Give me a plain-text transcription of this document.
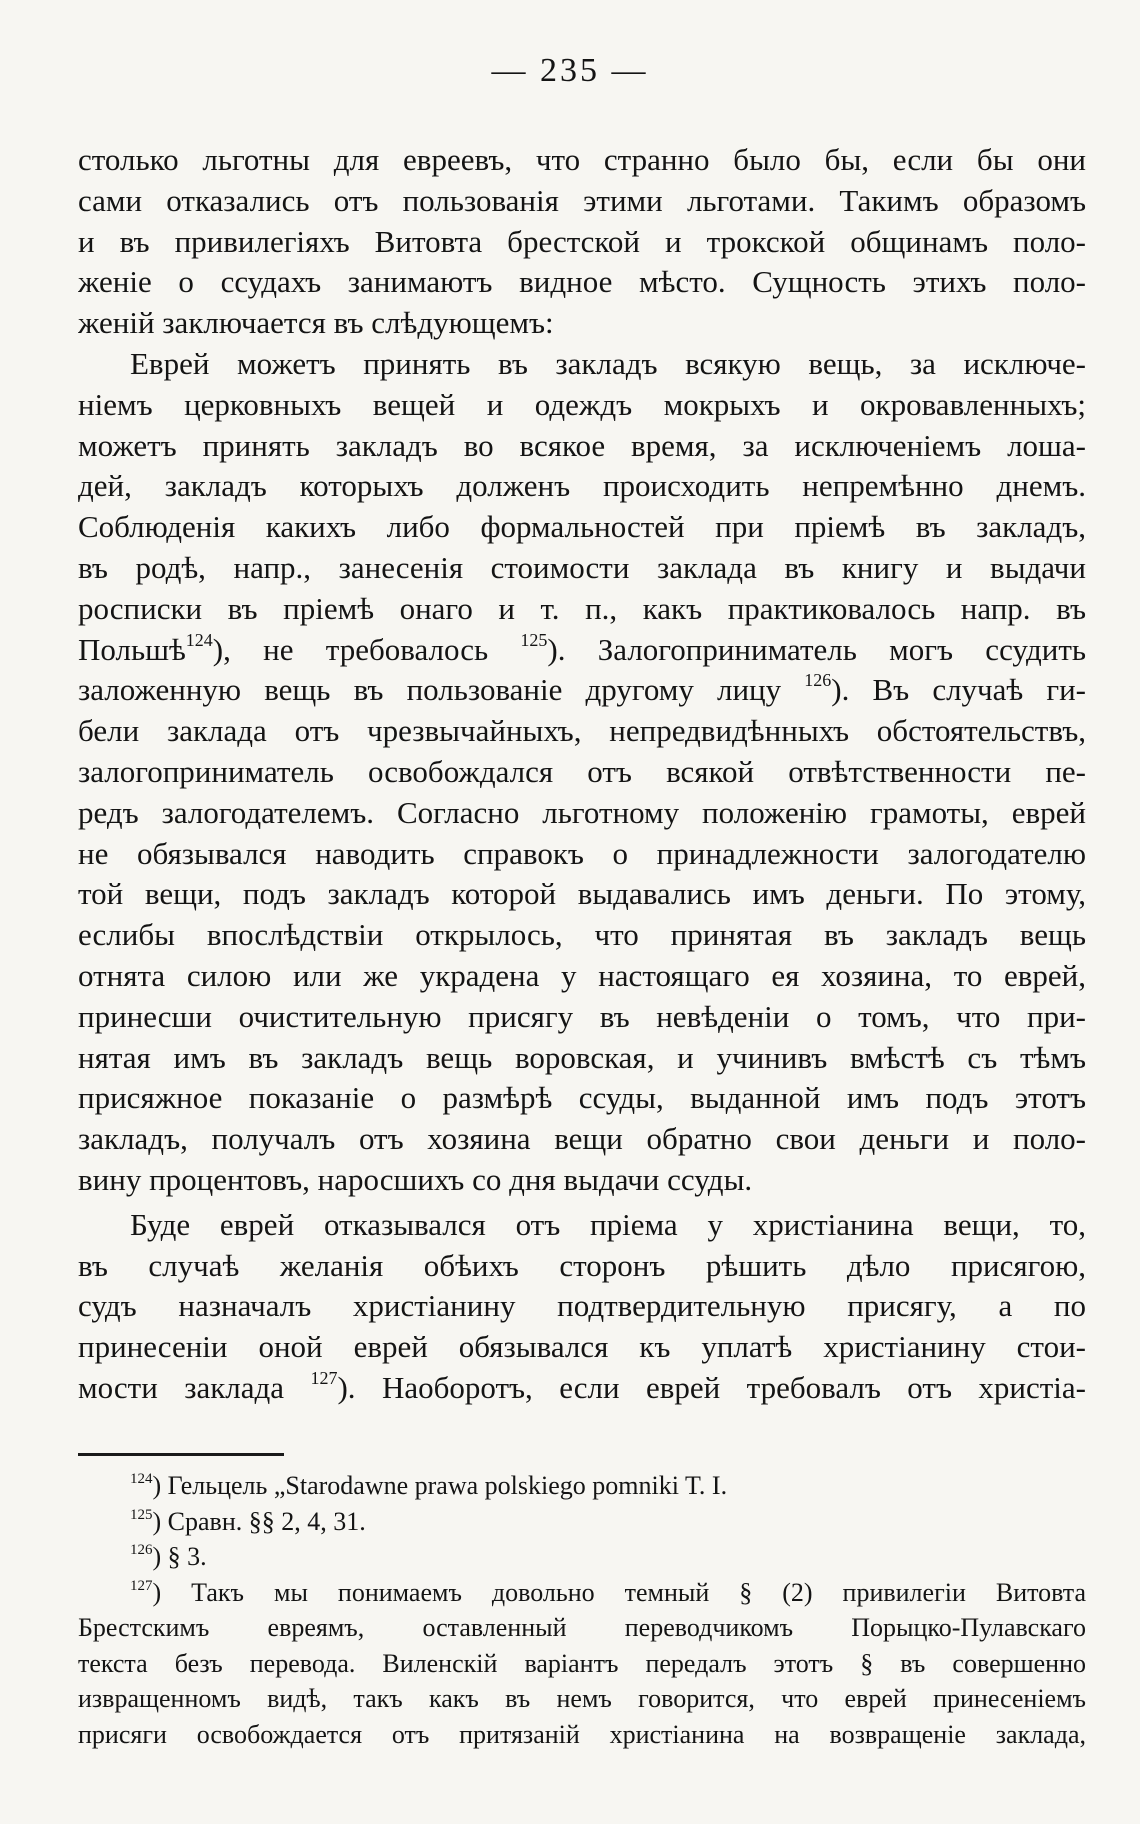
— 235 —
столько льготны для евреевъ, что странно было бы, если бы они
сами отказались отъ пользованія этими льготами. Такимъ образомъ
и въ привилегіяхъ Витовта брестской и трокской общинамъ поло-
женіе о ссудахъ занимаютъ видное мѣсто. Сущность этихъ поло-
женій заключается въ слѣдующемъ:
Еврей можетъ принять въ закладъ всякую вещь, за исключе-
ніемъ церковныхъ вещей и одеждъ мокрыхъ и окровавленныхъ;
можетъ принять закладъ во всякое время, за исключеніемъ лоша-
дей, закладъ которыхъ долженъ происходить непремѣнно днемъ.
Соблюденія какихъ либо формальностей при пріемѣ въ закладъ,
въ родѣ, напр., занесенія стоимости заклада въ книгу и выдачи
росписки въ пріемѣ онаго и т. п., какъ практиковалось напр. въ
Польшѣ$^{124}$), не требовалось $^{125}$). Залогоприниматель могъ ссудить
заложенную вещь въ пользованіе другому лицу $^{126}$). Въ случаѣ ги-
бели заклада отъ чрезвычайныхъ, непредвидѣнныхъ обстоятельствъ,
залогоприниматель освобождался отъ всякой отвѣтственности пе-
редъ залогодателемъ. Согласно льготному положенію грамоты, еврей
не обязывался наводить справокъ о принадлежности залогодателю
той вещи, подъ закладъ которой выдавались имъ деньги. По этому,
еслибы впослѣдствіи открылось, что принятая въ закладъ вещь
отнята силою или же украдена у настоящаго ея хозяина, то еврей,
принесши очистительную присягу въ невѣденіи о томъ, что при-
нятая имъ въ закладъ вещь воровская, и учинивъ вмѣстѣ съ тѣмъ
присяжное показаніе о размѣрѣ ссуды, выданной имъ подъ этотъ
закладъ, получалъ отъ хозяина вещи обратно свои деньги и поло-
вину процентовъ, наросшихъ со дня выдачи ссуды.
Буде еврей отказывался отъ пріема у христіанина вещи, то,
въ случаѣ желанія обѣихъ сторонъ рѣшить дѣло присягою,
судъ назначалъ христіанину подтвердительную присягу, а по
принесеніи оной еврей обязывался къ уплатѣ христіанину стои-
мости заклада $^{127}$). Наоборотъ, если еврей требовалъ отъ христіа-
$^{124}$) Гельцель „Starodawne prawa polskiego pomniki T. I.
$^{125}$) Сравн. §§ 2, 4, 31.
$^{126}$) § 3.
$^{127}$) Такъ мы понимаемъ довольно темный § (2) привилегіи Витовта
Брестскимъ евреямъ, оставленный переводчикомъ Порыцко-Пулавскаго
текста безъ перевода. Виленскій варіантъ передалъ этотъ § въ совершенно
извращенномъ видѣ, такъ какъ въ немъ говорится, что еврей принесеніемъ
присяги освобождается отъ притязаній христіанина на возвращеніе заклада,
